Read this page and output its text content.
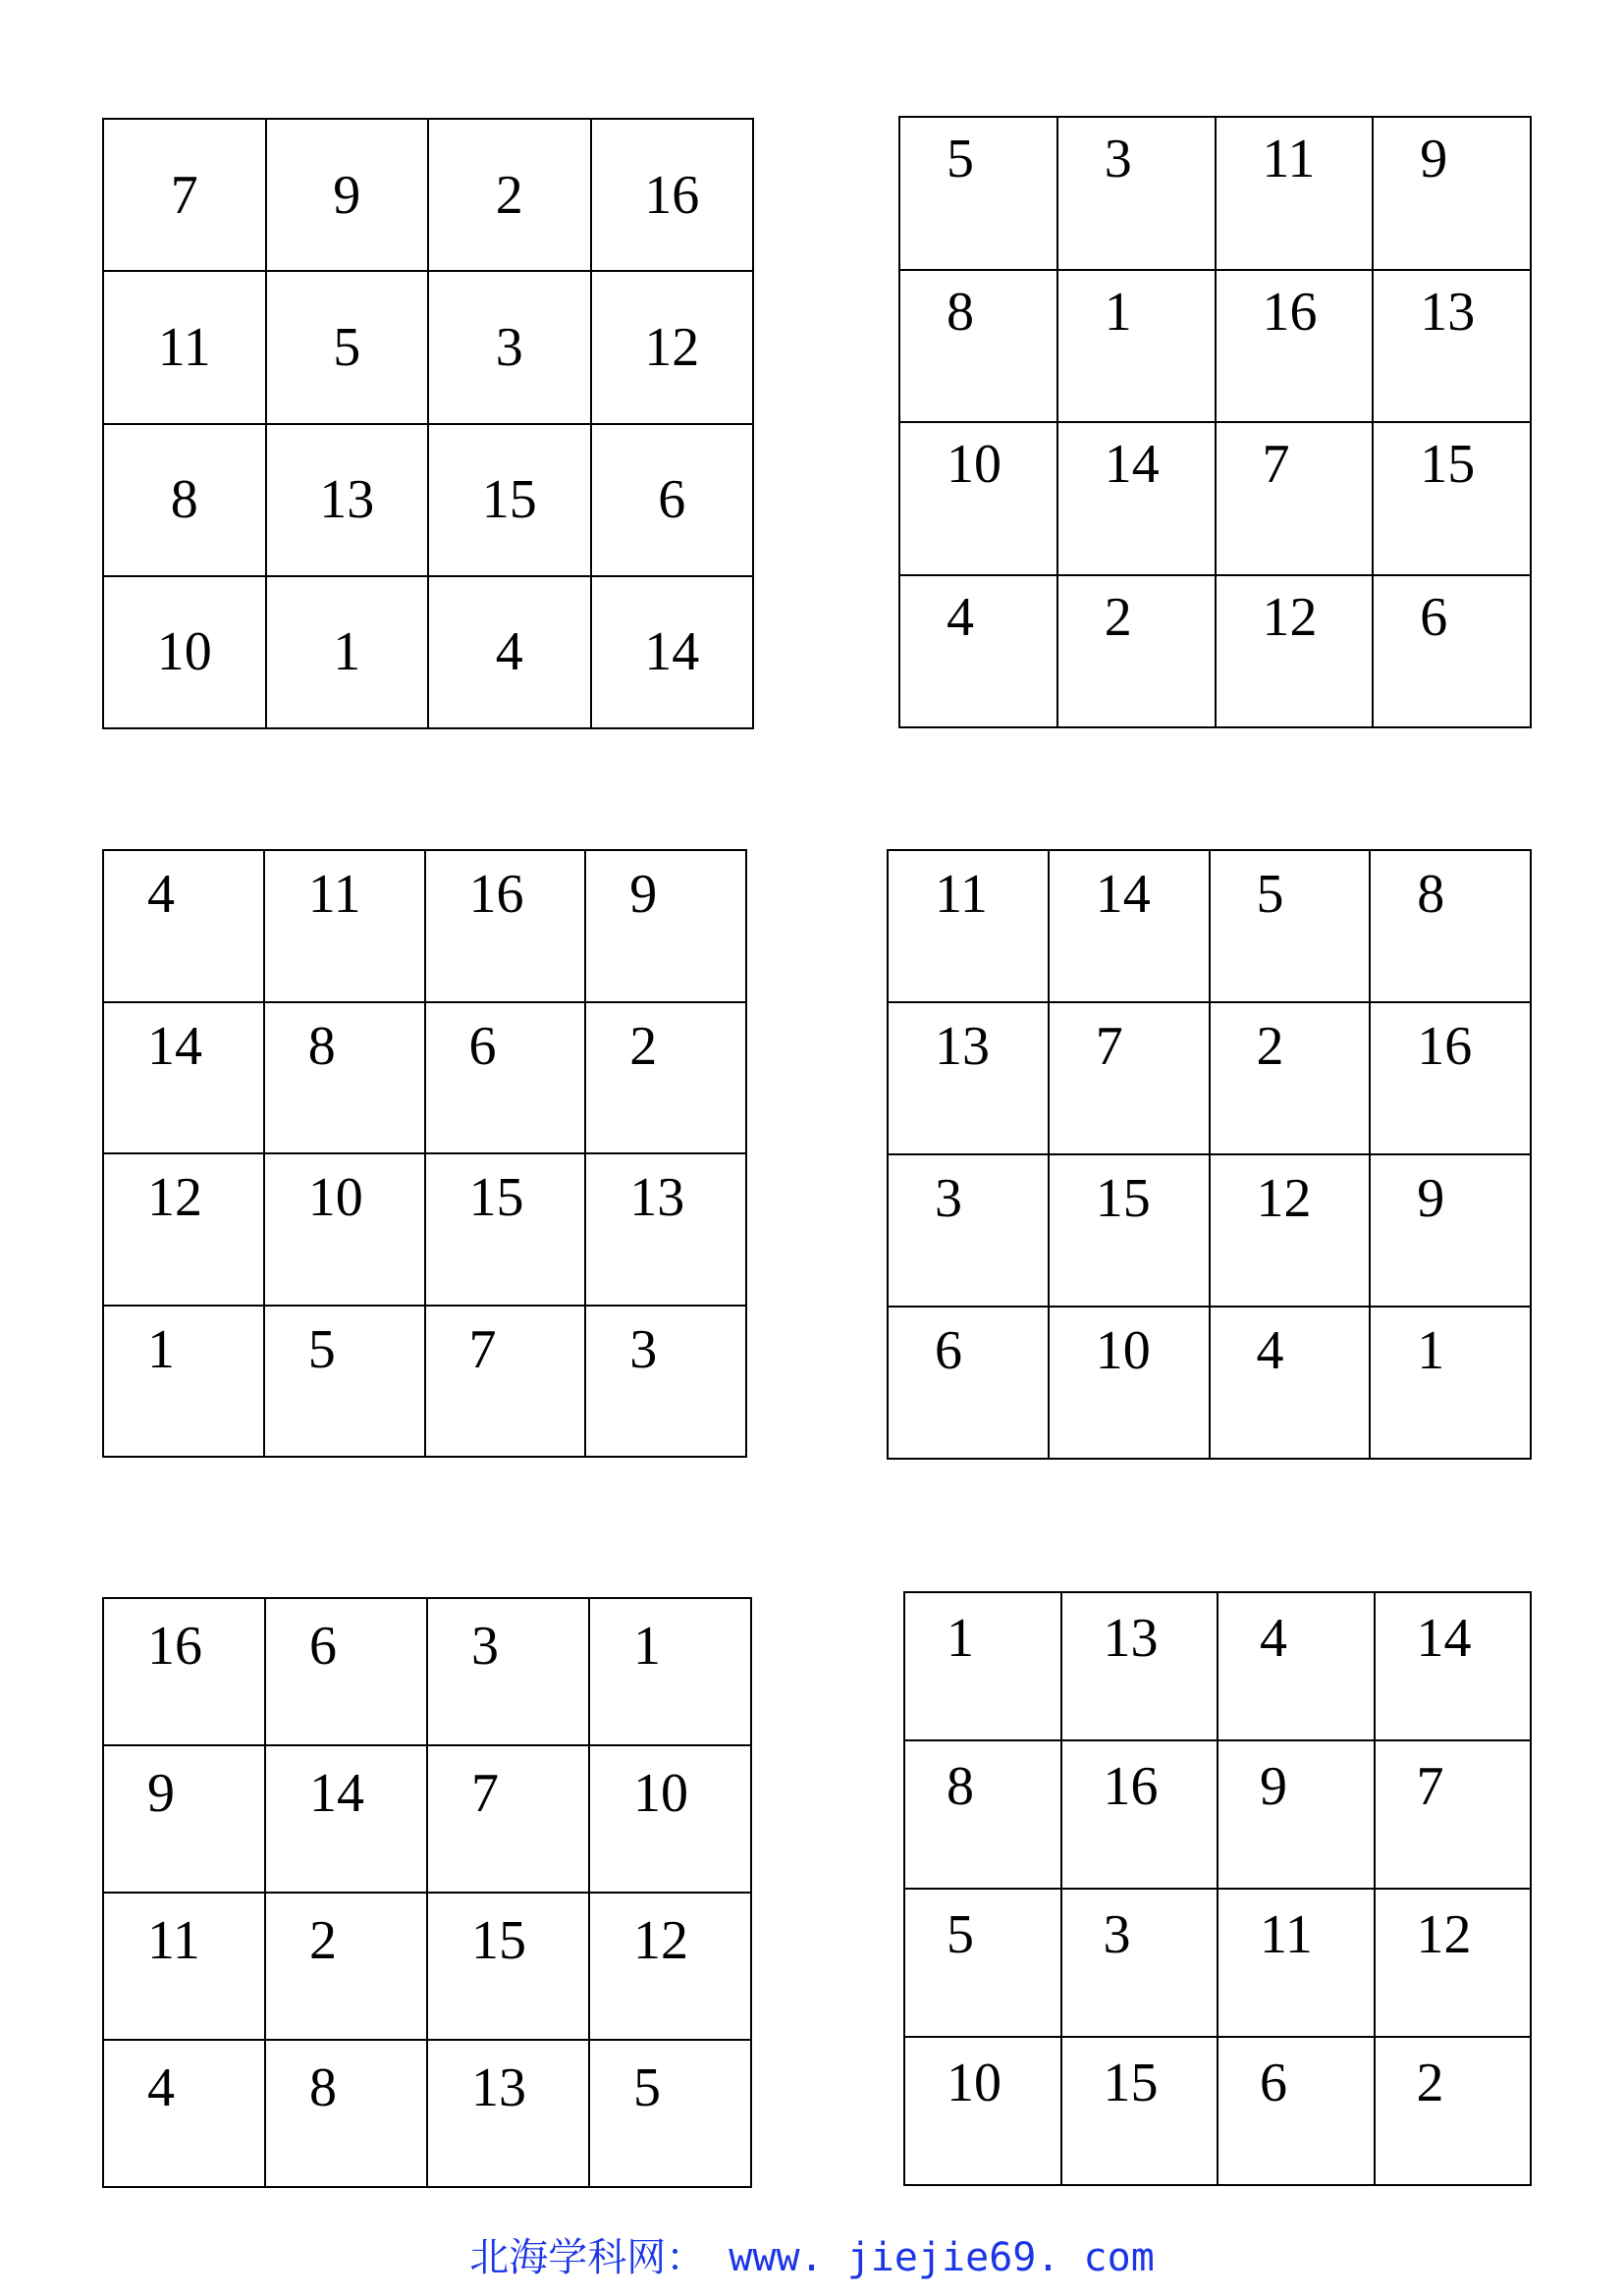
7	9	2	16

11	5	3	12

8	13	15	6

10	1	4	14
5	3	11	9

8	1	16	13

10	14	7	15

4	2	12	6
4	11	16	9

14	8	6	2

12	10	15	13

1	5	7	3
11	14	5	8

13	7	2	16

3	15	12	9

6	10	4	1
16	6	3	1

9	14	7	10

11	2	15	12

4	8	13	5
1	13	4	14

8	16	9	7

5	3	11	12

10	15	6	2
北海学科网： www. jiejie69. com
